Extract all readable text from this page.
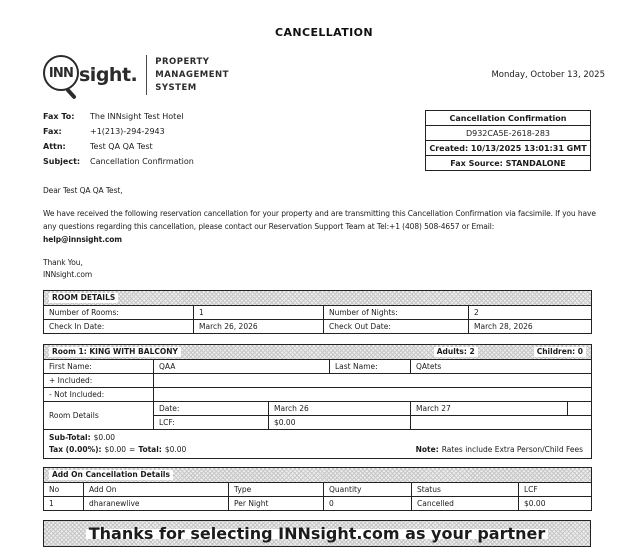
CANCELLATION
INN sight.
PROPERTY
MANAGEMENT
SYSTEM
Monday, October 13, 2025
Fax To:	The INNsight Test Hotel
Fax:	+1(213)-294-2943
Attn:	Test QA QA Test
Subject:	Cancellation Confirmation
Cancellation Confirmation
D932CA5E-2618-283
Created: 10/13/2025 13:01:31 GMT
Fax Source: STANDALONE
Dear Test QA QA Test,
We have received the following reservation cancellation for your property and are transmitting this Cancellation Confirmation via facsimile. If you have any questions regarding this cancellation, please contact our Reservation Support Team at Tel:+1 (408) 508-4657 or Email:
help@innsight.com
Thank You,
INNsight.com
ROOM DETAILS			
Number of Rooms:	1	Number of Nights:	2
Check In Date:	March 26, 2026	Check Out Date:	March 28, 2026
Room 1: KING WITH BALCONY Adults: 2 Children: 0					

First Name:	QAA		Last Name:	QAtets	
+ Included:					
- Not Included:					
Room Details	Date:	March 26		March 27	
	LCF:	$0.00			

Sub-Total: $0.00
Tax (0.00%): $0.00 = Total: $0.00 Note: Rates include Extra Person/Child Fees					
Add On Cancellation Details					
No	Add On	Type	Quantity	Status	LCF
1	dharanewlive	Per Night	0	Cancelled	$0.00
Thanks for selecting INNsight.com as your partner
